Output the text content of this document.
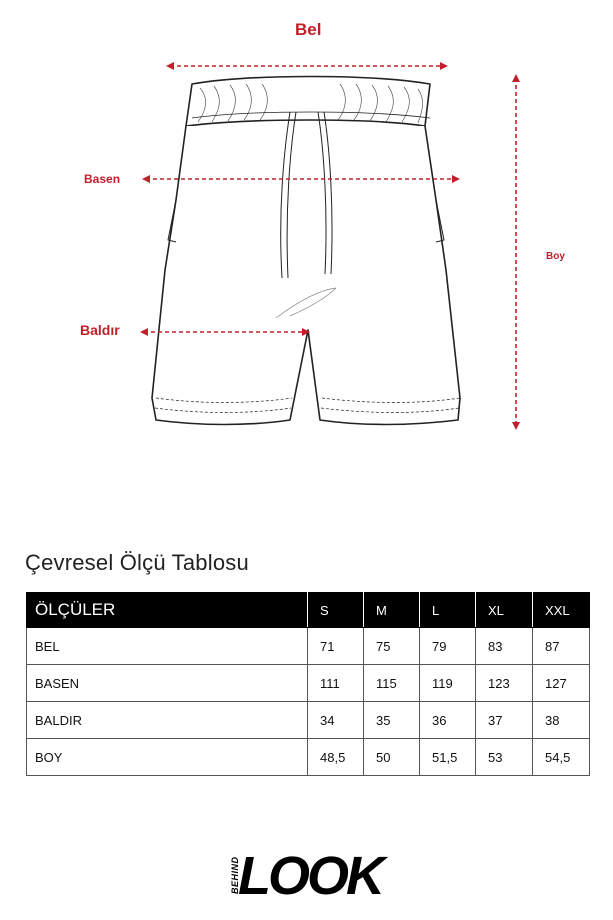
Bel
Basen
Baldır
Boy
Çevresel Ölçü Tablosu
ÖLÇÜLER	S	M	L	XL	XXL
BEL	71	75	79	83	87
BASEN	111	115	119	123	127
BALDIR	34	35	36	37	38
BOY	48,5	50	51,5	53	54,5
BEHIND
LOOK
